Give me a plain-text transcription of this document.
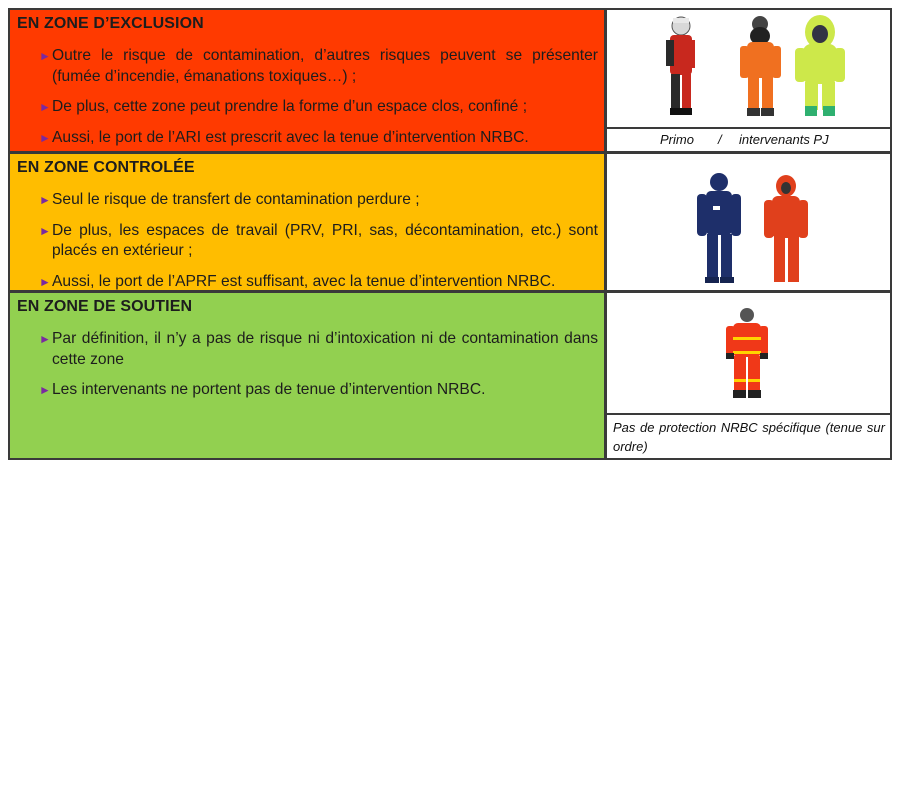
EN ZONE D’EXCLUSION
► Outre le risque de contamination, d’autres risques peuvent se présenter (fumée d’incendie, émanations toxiques…) ;
► De plus, cette zone peut prendre la forme d’un espace clos, confiné ;
► Aussi, le port de l’ARI est prescrit avec la tenue d’intervention NRBC.	Primo / intervenants PJ
EN ZONE CONTROLÉE
► Seul le risque de transfert de contamination perdure ;
► De plus, les espaces de travail (PRV, PRI, sas, décontamination, etc.) sont placés en extérieur ;
► Aussi, le port de l’APRF est suffisant, avec la tenue d’intervention NRBC.
EN ZONE DE SOUTIEN
► Par définition, il n’y a pas de risque ni d’intoxication ni de contamination dans cette zone
► Les intervenants ne portent pas de tenue d’intervention NRBC.
Pas de protection NRBC spécifique (tenue sur ordre)
